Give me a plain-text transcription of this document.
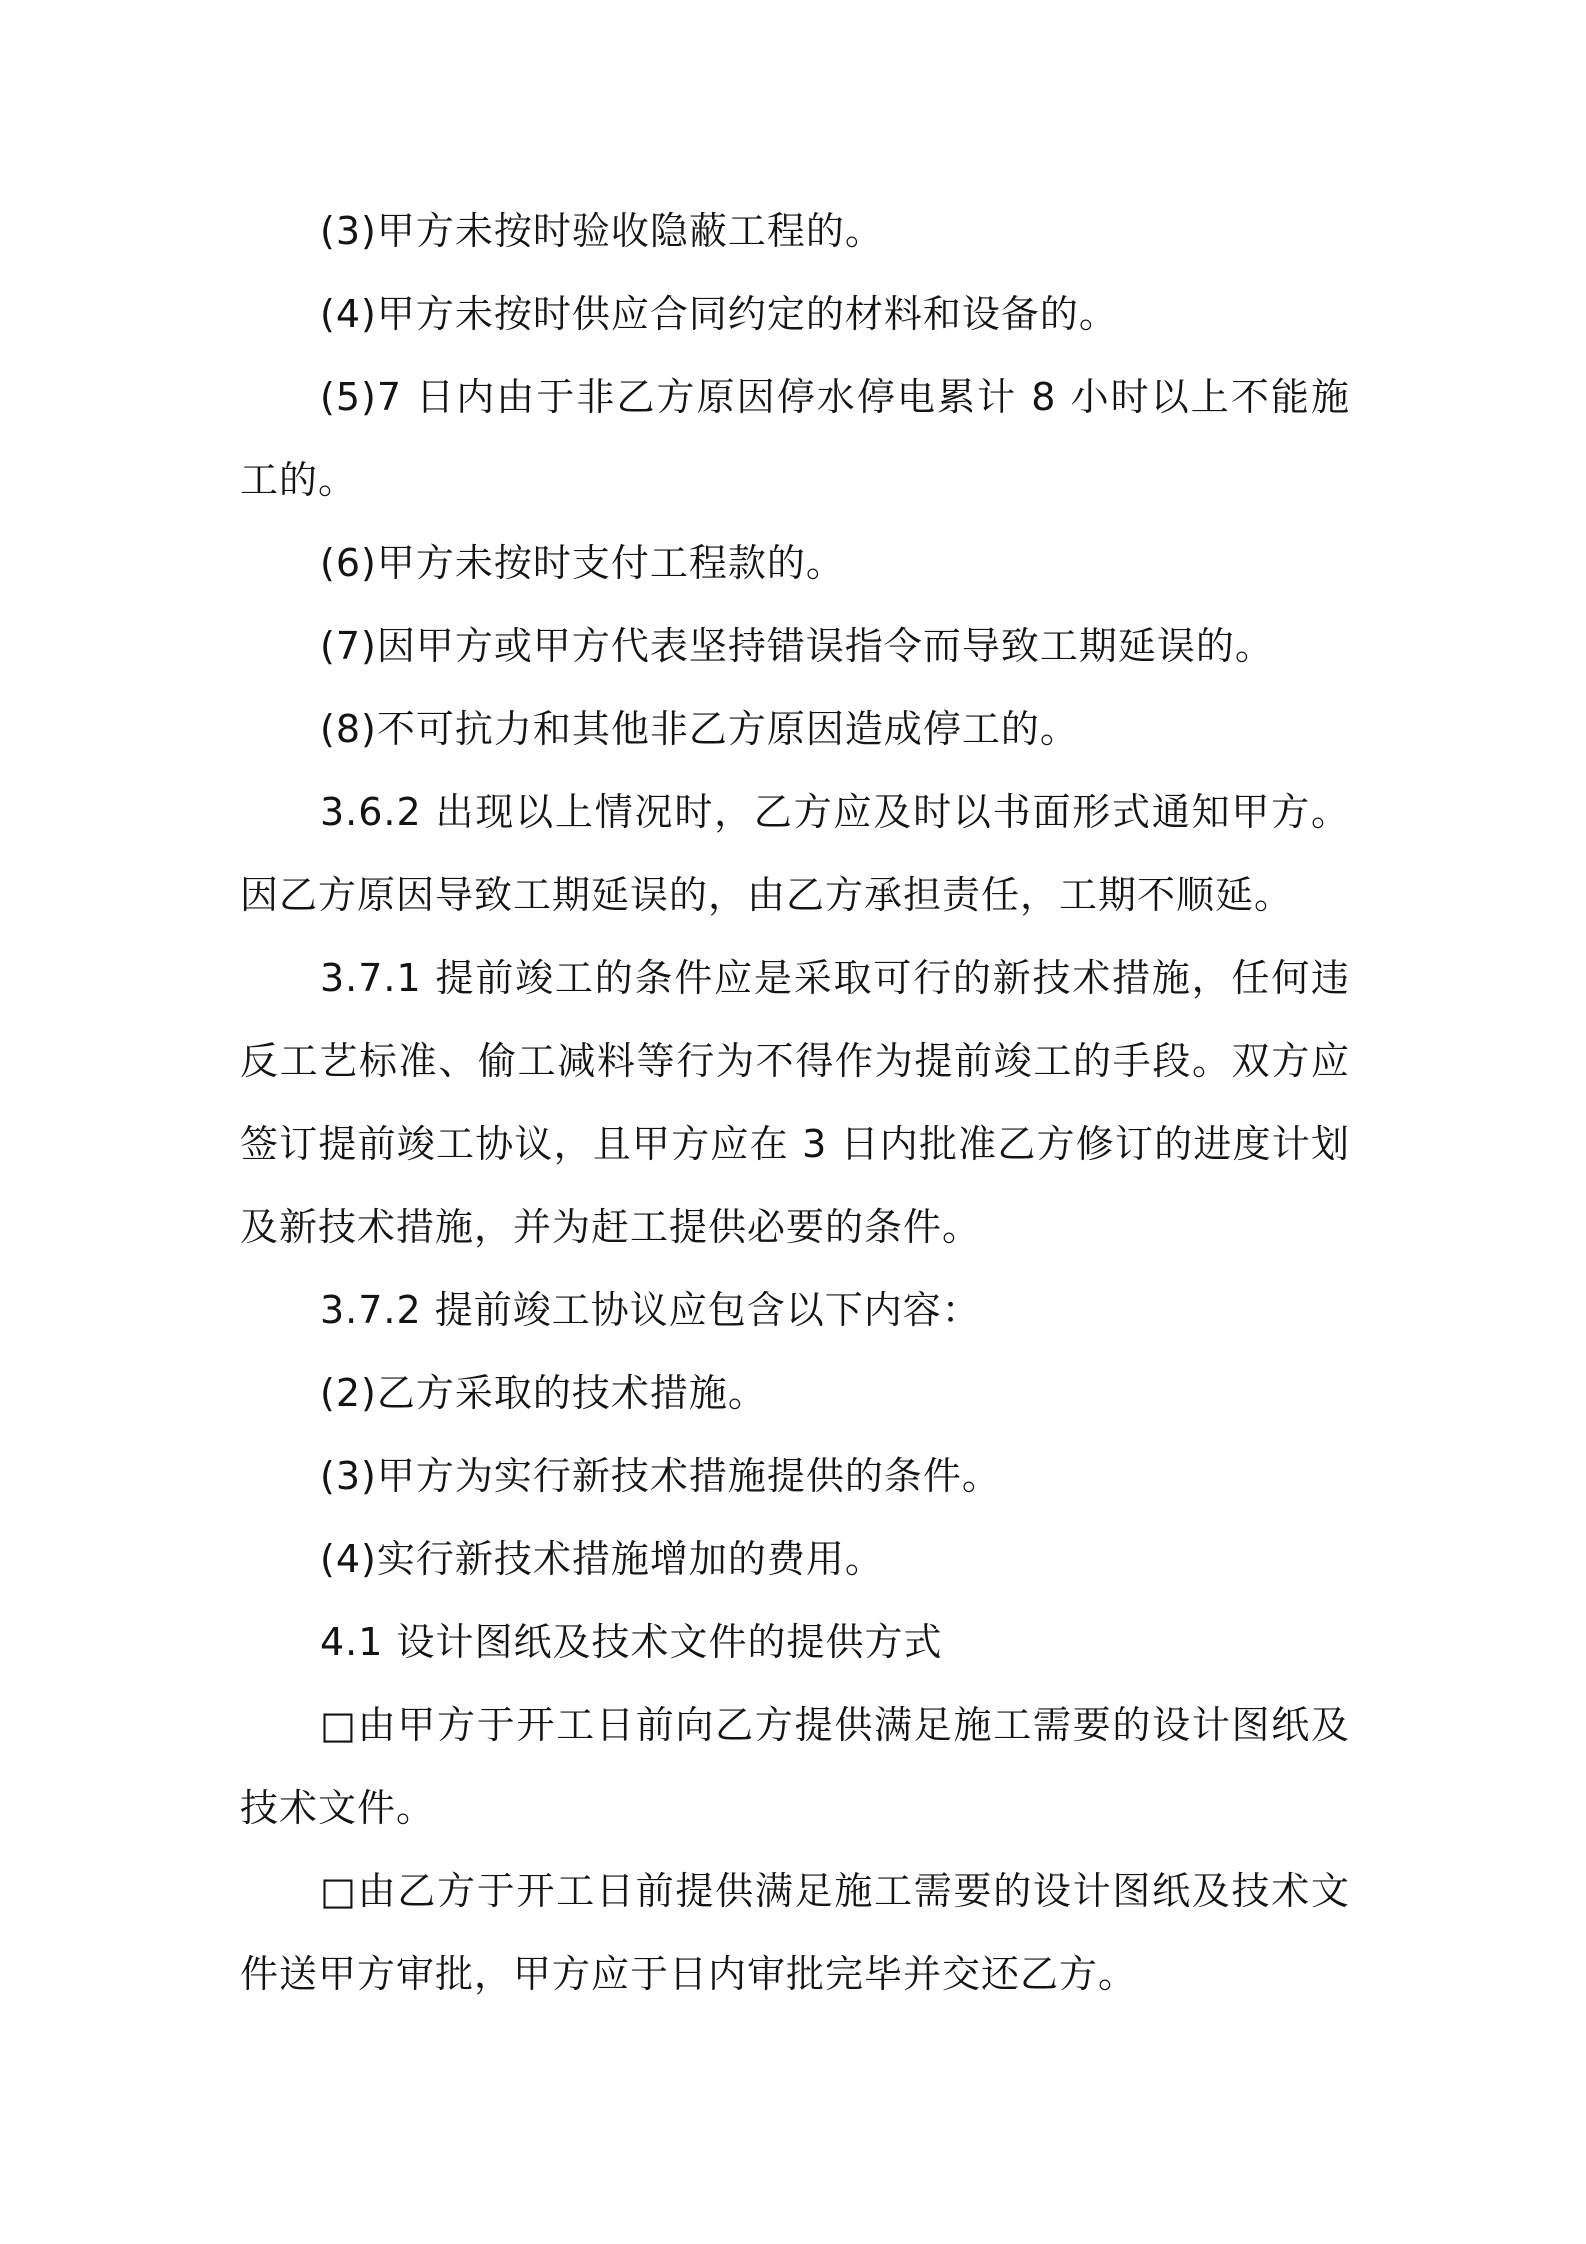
(3)甲方未按时验收隐蔽工程的。

(4)甲方未按时供应合同约定的材料和设备的。

(5)7 日内由于非乙方原因停水停电累计 8 小时以上不能施工的。

(6)甲方未按时支付工程款的。

(7)因甲方或甲方代表坚持错误指令而导致工期延误的。

(8)不可抗力和其他非乙方原因造成停工的。

3.6.2 出现以上情况时，乙方应及时以书面形式通知甲方。因乙方原因导致工期延误的，由乙方承担责任，工期不顺延。

3.7.1 提前竣工的条件应是采取可行的新技术措施，任何违反工艺标准、偷工减料等行为不得作为提前竣工的手段。双方应签订提前竣工协议，且甲方应在 3 日内批准乙方修订的进度计划及新技术措施，并为赶工提供必要的条件。

3.7.2 提前竣工协议应包含以下内容：

(2)乙方采取的技术措施。

(3)甲方为实行新技术措施提供的条件。

(4)实行新技术措施增加的费用。

4.1 设计图纸及技术文件的提供方式

□由甲方于开工日前向乙方提供满足施工需要的设计图纸及技术文件。

□由乙方于开工日前提供满足施工需要的设计图纸及技术文件送甲方审批，甲方应于日内审批完毕并交还乙方。
